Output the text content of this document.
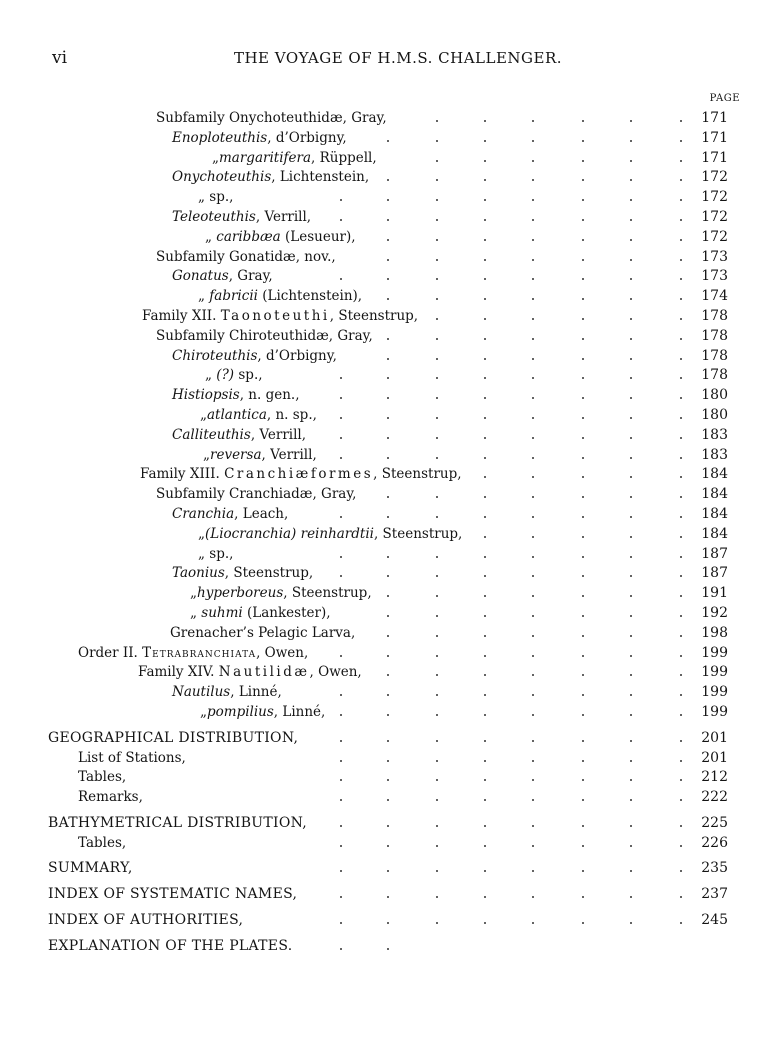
vi	THE VOYAGE OF H.M.S. CHALLENGER.
PAGE
Subfamily Onychoteuthidæ, Gray,	171
Enoploteuthis, d’Orbigny,	171
„margaritifera, Rüppell,	171
Onychoteuthis, Lichtenstein,	172
„ sp.,	172
Teleoteuthis, Verrill,	172
„ caribbæa (Lesueur),	172
Subfamily Gonatidæ, nov.,	173
Gonatus, Gray,	173
„ fabricii (Lichtenstein),	174
Family XII. Taonoteuthi, Steenstrup,	178
Subfamily Chiroteuthidæ, Gray,	178
Chiroteuthis, d’Orbigny,	178
„ (?) sp.,	178
Histiopsis, n. gen.,	180
„atlantica, n. sp.,	180
Calliteuthis, Verrill,	183
„reversa, Verrill,	183
Family XIII. Cranchiæformes, Steenstrup,	184
Subfamily Cranchiadæ, Gray,	184
Cranchia, Leach,	184
„(Liocranchia) reinhardtii, Steenstrup,	184
„ sp.,	187
Taonius, Steenstrup,	187
„hyperboreus, Steenstrup,	191
„ suhmi (Lankester),	192
Grenacher’s Pelagic Larva,	198
Order II. Tetrabranchiata, Owen,	199
Family XIV. Nautilidæ, Owen,	199
Nautilus, Linné,	199
„pompilius, Linné,	199
GEOGRAPHICAL DISTRIBUTION,	201
List of Stations,	201
Tables,	212
Remarks,	222
BATHYMETRICAL DISTRIBUTION,	225
Tables,	226
SUMMARY,	235
INDEX OF SYSTEMATIC NAMES,	237
INDEX OF AUTHORITIES,	245
EXPLANATION OF THE PLATES.
